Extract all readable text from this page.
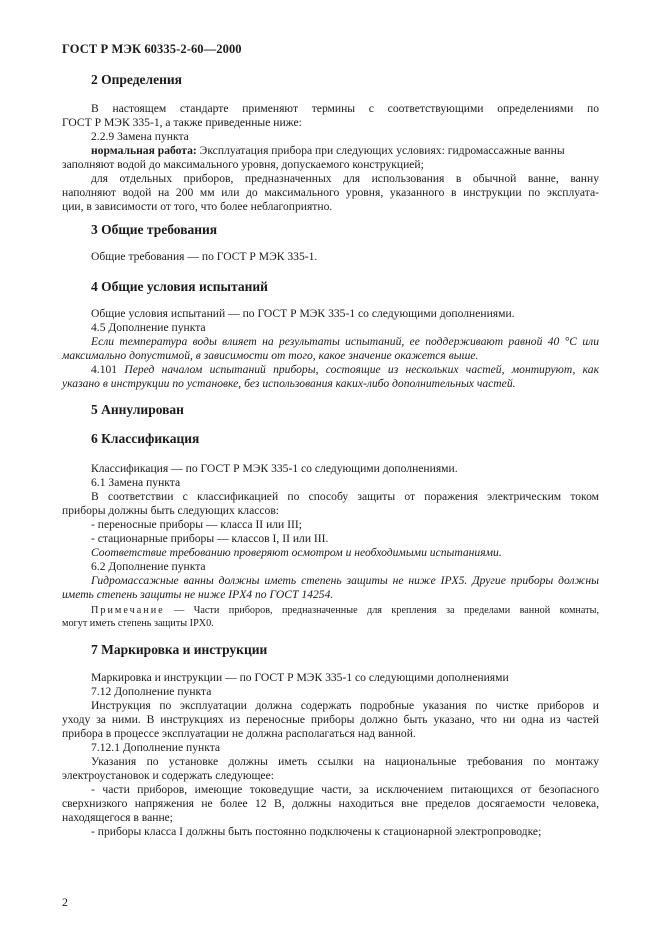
ГОСТ Р МЭК 60335-2-60—2000
2 Определения
В настоящем стандарте применяют термины с соответствующими определениями по
ГОСТ Р МЭК 335-1, а также приведенные ниже:
2.2.9 Замена пункта
нормальная работа: Эксплуатация прибора при следующих условиях: гидромассажные ванны
заполняют водой до максимального уровня, допускаемого конструкцией;
для отдельных приборов, предназначенных для использования в обычной ванне, ванну
наполняют водой на 200 мм или до максимального уровня, указанного в инструкции по эксплуата-
ции, в зависимости от того, что более неблагоприятно.
3 Общие требования
Общие требования — по ГОСТ Р МЭК 335-1.
4 Общие условия испытаний
Общие условия испытаний — по ГОСТ Р МЭК 335-1 со следующими дополнениями.
4.5 Дополнение пункта
Если температура воды влияет на результаты испытаний, ее поддерживают равной 40 °С или
максимально допустимой, в зависимости от того, какое значение окажется выше.
4.101 Перед началом испытаний приборы, состоящие из нескольких частей, монтируют, как
указано в инструкции по установке, без использования каких-либо дополнительных частей.
5 Аннулирован
6 Классификация
Классификация — по ГОСТ Р МЭК 335-1 со следующими дополнениями.
6.1 Замена пункта
В соответствии с классификацией по способу защиты от поражения электрическим током
приборы должны быть следующих классов:
- переносные приборы — класса II или III;
- стационарные приборы — классов I, II или III.
Соответствие требованию проверяют осмотром и необходимыми испытаниями.
6.2 Дополнение пункта
Гидромассажные ванны должны иметь степень защиты не ниже IPX5. Другие приборы должны
иметь степень защиты не ниже IPX4 по ГОСТ 14254.
Примечание — Части приборов, предназначенные для крепления за пределами ванной комнаты,
могут иметь степень защиты IPX0.
7 Маркировка и инструкции
Маркировка и инструкции — по ГОСТ Р МЭК 335-1 со следующими дополнениями
7.12 Дополнение пункта
Инструкция по эксплуатации должна содержать подробные указания по чистке приборов и
уходу за ними. В инструкциях из переносные приборы должно быть указано, что ни одна из частей
прибора в процессе эксплуатации не должна располагаться над ванной.
7.12.1 Дополнение пункта
Указания по установке должны иметь ссылки на национальные требования по монтажу
электроустановок и содержать следующее:
- части приборов, имеющие токоведущие части, за исключением питающихся от безопасного
сверхнизкого напряжения не более 12 В, должны находиться вне пределов досягаемости человека,
находящегося в ванне;
- приборы класса I должны быть постоянно подключены к стационарной электропроводке;
2
